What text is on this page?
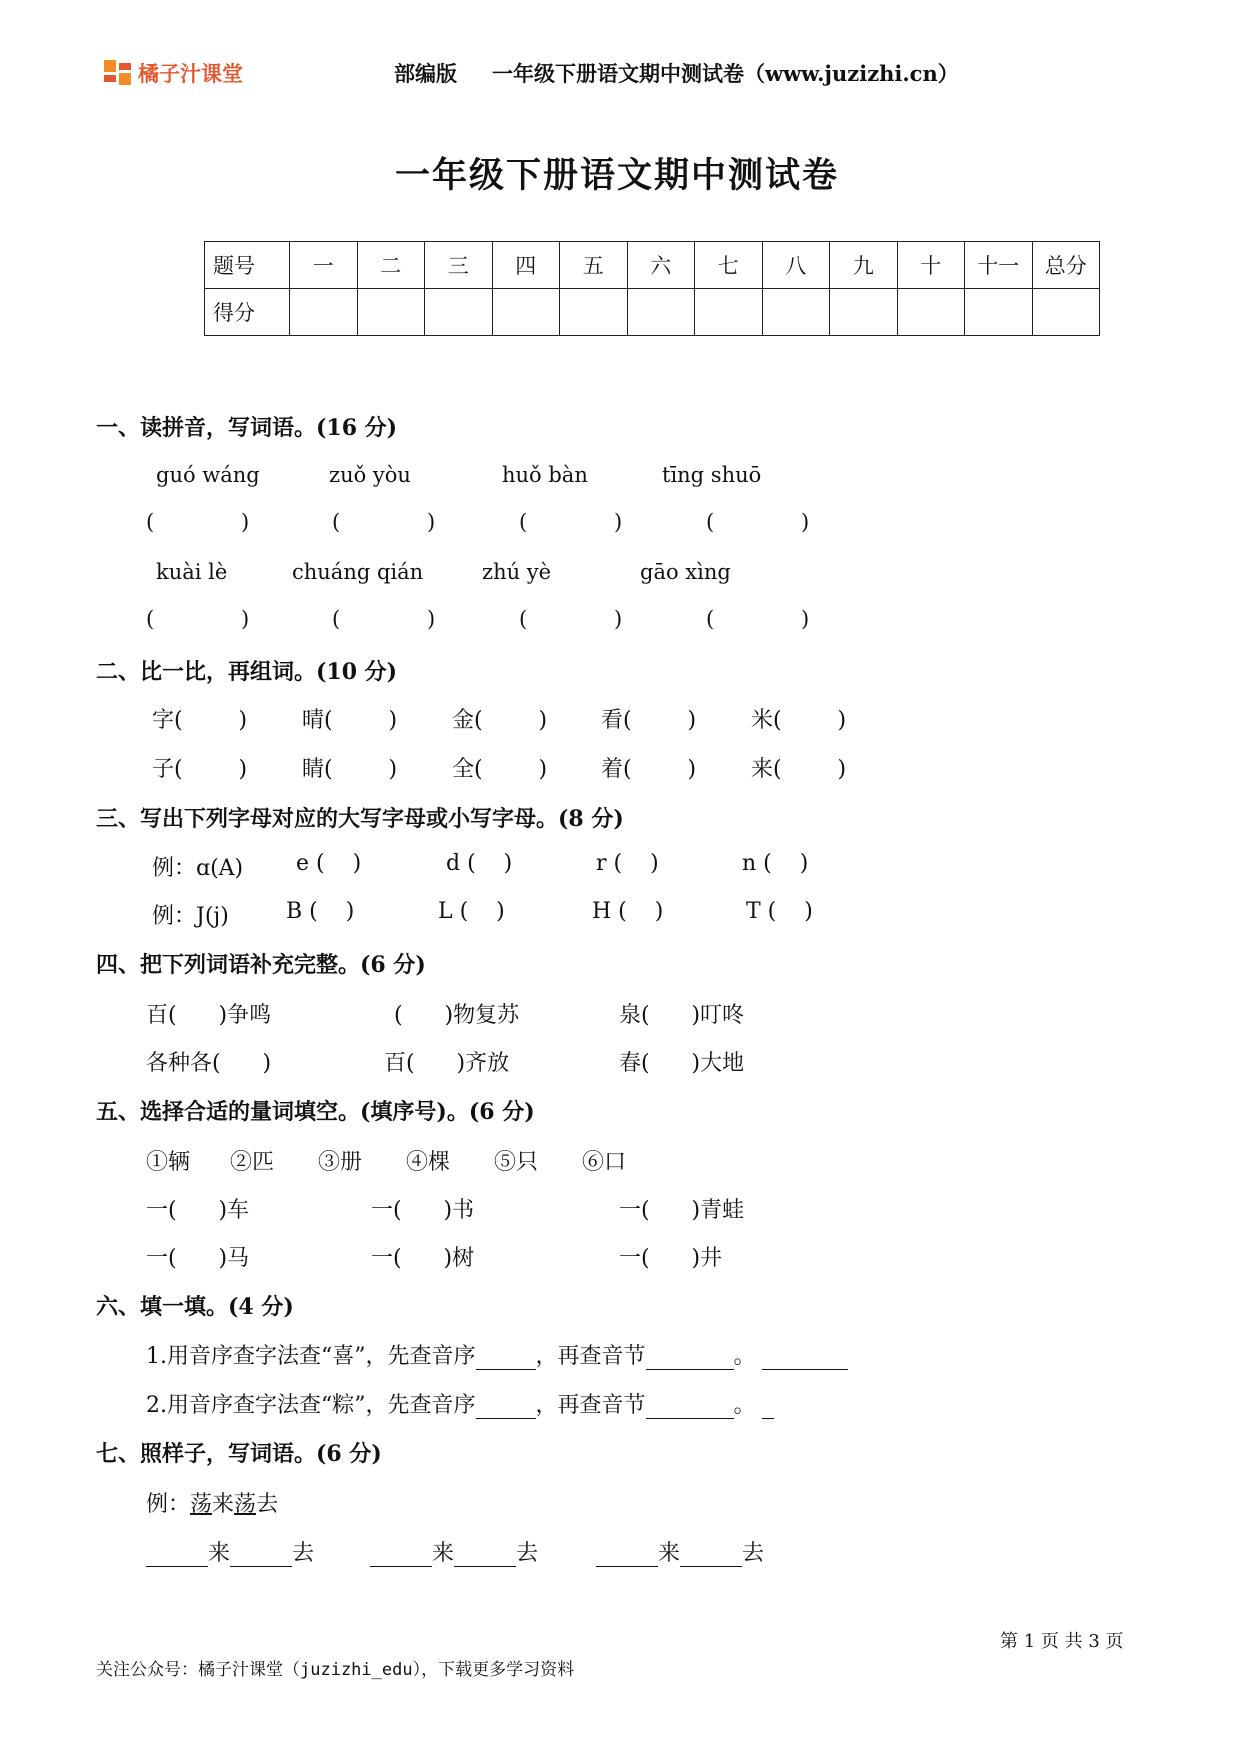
橘子汁课堂	部编版 一年级下册语文期中测试卷（www.juzizhi.cn）
一年级下册语文期中测试卷
题号	一	二	三	四	五	六	七	八	九	十	十一	总分
得分												
一、读拼音，写词语。(16 分)
guó wáng	zuǒ yòu	huǒ bàn	tīng shuō
(             )	(             )	(             )	(             )
kuài lè	chuáng qián	zhú yè	gāo xìng
(             )	(             )	(             )	(             )
二、比一比，再组词。(10 分)
字(        ) 晴(        ) 金(        ) 看(        ) 米(        )
子(        ) 睛(        ) 全(        ) 着(        ) 来(        )
三、写出下列字母对应的大写字母或小写字母。(8 分)
例：ɑ(A) e (    )	d (    )	r (    )	n (    )
例：J(j)	B (    )	L (    )	H (    )	T (    )
四、把下列词语补充完整。(6 分)
百(      )争鸣	(      )物复苏	泉(      )叮咚
各种各(      )	百(      )齐放	春(      )大地
五、选择合适的量词填空。(填序号)。(6 分)
①辆 ②匹 ③册 ④棵 ⑤只 ⑥口
一(      )车	一(      )书	一(      )青蛙
一(      )马	一(      )树	一(      )井
六、填一填。(4 分)
1.用音序查字法查“喜”，先查音序	，再查音节	。
2.用音序查字法查“粽”，先查音序	，再查音节	。
七、照样子，写词语。(6 分)
例：荡来荡去
来	去	来	去	来	去
第 1 页 共 3 页
关注公众号：橘子汁课堂（juzizhi_edu），下载更多学习资料
